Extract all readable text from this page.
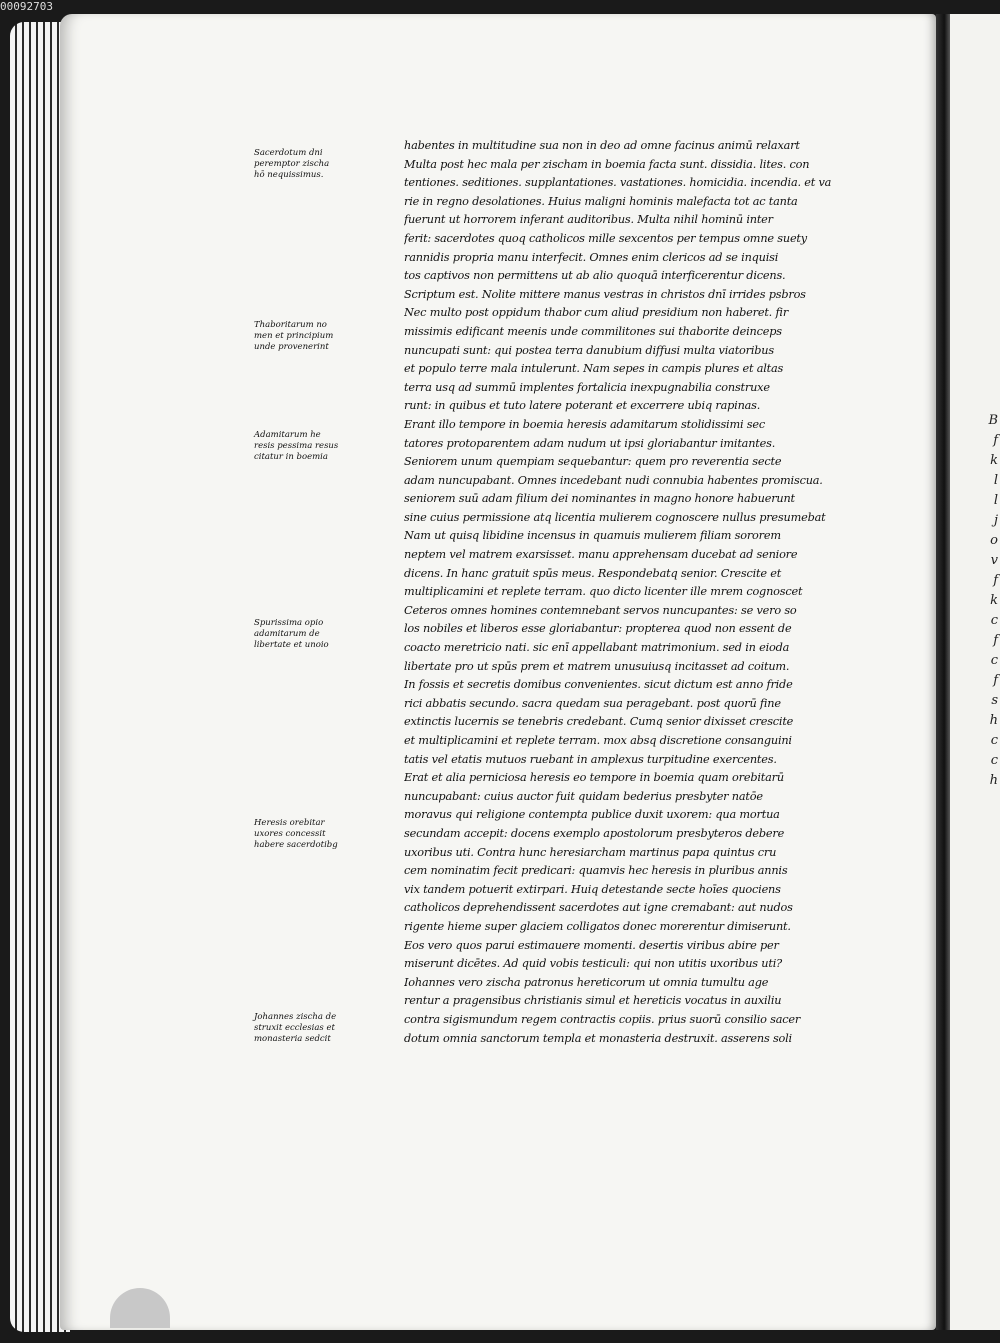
00092703
B
f
k
l
l
j
o
v
f
k
c
f
c
f
s
h
c
c
h
Sacerdotum dni
peremptor zischa
hō nequissimus.
Thaboritarum no
men et principium
unde provenerint
Adamitarum he
resis pessima resus
citatur in boemia
Spurissima opio
adamitarum de
libertate et unoio
Heresis orebitar
uxores concessit
habere sacerdotibg
Johannes zischa de
struxit ecclesias et
monasteria sedcit
habentes in multitudine sua non in deo ad omne facinus animū relaxart
Multa post hec mala per zischam in boemia facta sunt. dissidia. lites. con
tentiones. seditiones. supplantationes. vastationes. homicidia. incendia. et va
rie in regno desolationes. Huius maligni hominis malefacta tot ac tanta
fuerunt ut horrorem inferant auditoribus. Multa nihil hominū inter
ferit: sacerdotes quoq catholicos mille sexcentos per tempus omne suety
rannidis propria manu interfecit. Omnes enim clericos ad se inquisi
tos captivos non permittens ut ab alio quoquā interficerentur dicens.
Scriptum est. Nolite mittere manus vestras in christos dnī irrides psbros
Nec multo post oppidum thabor cum aliud presidium non haberet. fir
missimis edificant meenis unde commilitones sui thaborite deinceps
nuncupati sunt: qui postea terra danubium diffusi multa viatoribus
et populo terre mala intulerunt. Nam sepes in campis plures et altas
terra usq ad summū implentes fortalicia inexpugnabilia construxe
runt: in quibus et tuto latere poterant et excerrere ubiq rapinas.
Erant illo tempore in boemia heresis adamitarum stolidissimi sec
tatores protoparentem adam nudum ut ipsi gloriabantur imitantes.
Seniorem unum quempiam sequebantur: quem pro reverentia secte
adam nuncupabant. Omnes incedebant nudi connubia habentes promiscua.
seniorem suū adam filium dei nominantes in magno honore habuerunt
sine cuius permissione atq licentia mulierem cognoscere nullus presumebat
Nam ut quisq libidine incensus in quamuis mulierem filiam sororem
neptem vel matrem exarsisset. manu apprehensam ducebat ad seniore
dicens. In hanc gratuit spūs meus. Respondebatq senior. Crescite et
multiplicamini et replete terram. quo dicto licenter ille mrem cognoscet
Ceteros omnes homines contemnebant servos nuncupantes: se vero so
los nobiles et liberos esse gloriabantur: propterea quod non essent de
coacto meretricio nati. sic enī appellabant matrimonium. sed in eioda
libertate pro ut spūs prem et matrem unusuiusq incitasset ad coitum.
In fossis et secretis domibus convenientes. sicut dictum est anno fride
rici abbatis secundo. sacra quedam sua peragebant. post quorū fine
extinctis lucernis se tenebris credebant. Cumq senior dixisset crescite
et multiplicamini et replete terram. mox absq discretione consanguini
tatis vel etatis mutuos ruebant in amplexus turpitudine exercentes.
Erat et alia perniciosa heresis eo tempore in boemia quam orebitarū
nuncupabant: cuius auctor fuit quidam bederius presbyter natōe
moravus qui religione contempta publice duxit uxorem: qua mortua
secundam accepit: docens exemplo apostolorum presbyteros debere
uxoribus uti. Contra hunc heresiarcham martinus papa quintus cru
cem nominatim fecit predicari: quamvis hec heresis in pluribus annis
vix tandem potuerit extirpari. Huiq detestande secte hoīes quociens
catholicos deprehendissent sacerdotes aut igne cremabant: aut nudos
rigente hieme super glaciem colligatos donec morerentur dimiserunt.
Eos vero quos parui estimauere momenti. desertis viribus abire per
miserunt dicētes. Ad quid vobis testiculi: qui non utitis uxoribus uti?
Iohannes vero zischa patronus hereticorum ut omnia tumultu age
rentur a pragensibus christianis simul et hereticis vocatus in auxiliu
contra sigismundum regem contractis copiis. prius suorū consilio sacer
dotum omnia sanctorum templa et monasteria destruxit. asserens soli
